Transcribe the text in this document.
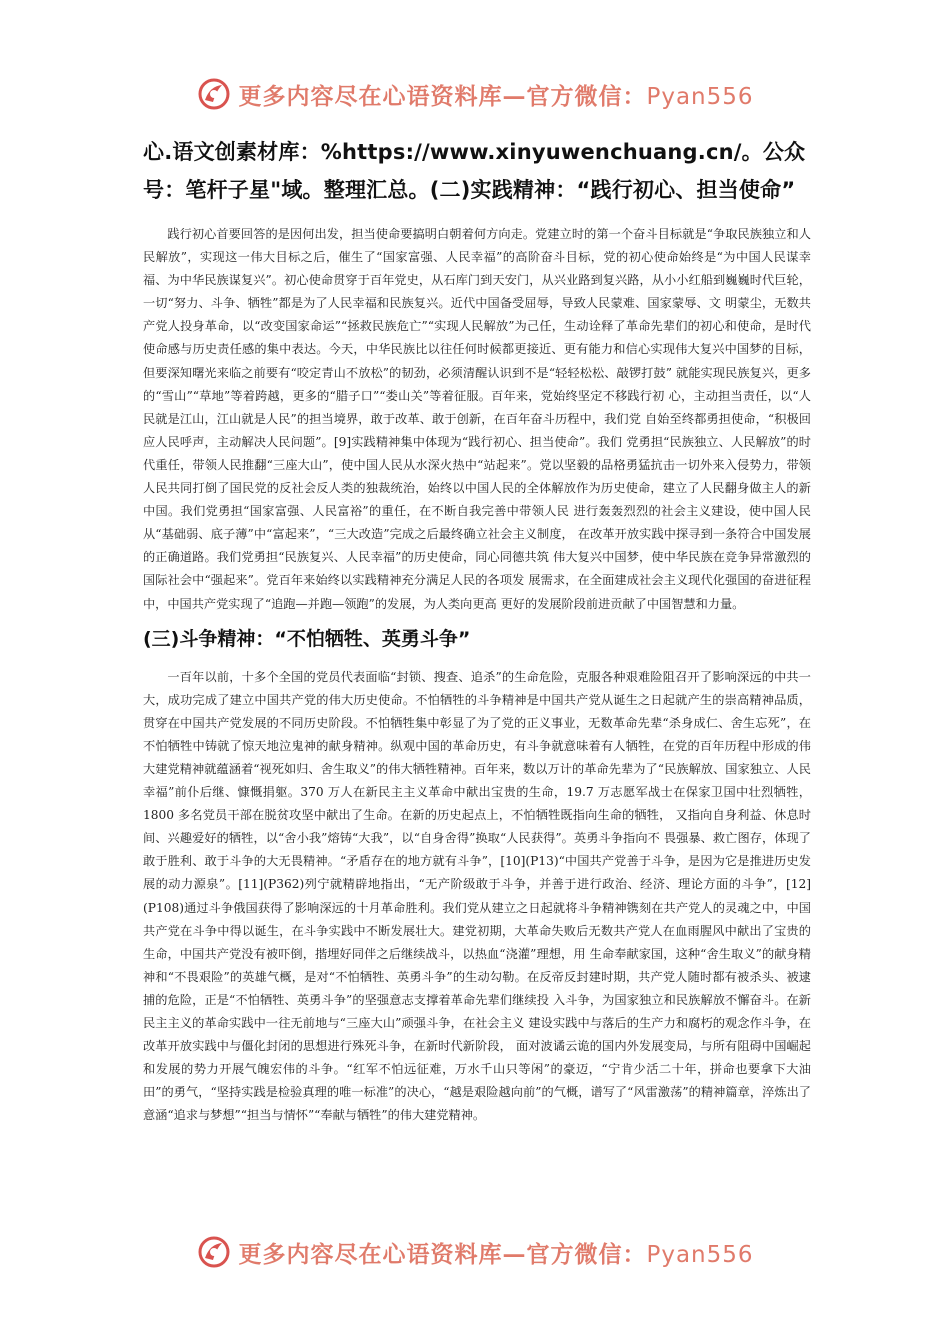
更多内容尽在心语资料库—官方微信：Pyan556
心.语文创素材库：%https://www.xinyuwenchuang.cn/。公众号：笔杆子星"域。整理汇总。(二)实践精神：“践行初心、担当使命”

践行初心首要回答的是因何出发，担当使命要搞明白朝着何方向走。党建立时的第一个奋斗目标就是“争取民族独立和人民解放”，实现这一伟大目标之后，催生了“国家富强、人民幸福”的高阶奋斗目标，党的初心使命始终是“为中国人民谋幸福、为中华民族谋复兴”。初心使命贯穿于百年党史，从石库门到天安门，从兴业路到复兴路，从小小红船到巍巍时代巨轮，一切“努力、斗争、牺牲”都是为了人民幸福和民族复兴。近代中国备受屈辱，导致人民蒙难、国家蒙辱、文 明蒙尘，无数共产党人投身革命，以“改变国家命运”“拯救民族危亡”“实现人民解放”为己任，生动诠释了革命先辈们的初心和使命，是时代使命感与历史责任感的集中表达。今天，中华民族比以往任何时候都更接近、更有能力和信心实现伟大复兴中国梦的目标，但要深知曙光来临之前要有“咬定青山不放松”的韧劲，必须清醒认识到不是“轻轻松松、敲锣打鼓” 就能实现民族复兴，更多的“雪山”“草地”等着跨越，更多的“腊子口”“娄山关”等着征服。百年来，党始终坚定不移践行初 心，主动担当责任，以“人民就是江山，江山就是人民”的担当境界，敢于改革、敢于创新，在百年奋斗历程中，我们党 自始至终都勇担使命，“积极回应人民呼声，主动解决人民问题”。[9]实践精神集中体现为“践行初心、担当使命”。我们 党勇担“民族独立、人民解放”的时代重任，带领人民推翻“三座大山”，使中国人民从水深火热中“站起来”。党以坚毅的品格勇猛抗击一切外来入侵势力，带领人民共同打倒了国民党的反社会反人类的独裁统治，始终以中国人民的全体解放作为历史使命，建立了人民翻身做主人的新中国。我们党勇担“国家富强、人民富裕”的重任，在不断自我完善中带领人民 进行轰轰烈烈的社会主义建设，使中国人民从“基础弱、底子薄”中“富起来”，“三大改造”完成之后最终确立社会主义制度， 在改革开放实践中探寻到一条符合中国发展的正确道路。我们党勇担“民族复兴、人民幸福”的历史使命，同心同德共筑 伟大复兴中国梦，使中华民族在竞争异常激烈的国际社会中“强起来”。党百年来始终以实践精神充分满足人民的各项发 展需求，在全面建成社会主义现代化强国的奋进征程中，中国共产党实现了“追跑—并跑—领跑”的发展，为人类向更高 更好的发展阶段前进贡献了中国智慧和力量。

(三)斗争精神：“不怕牺牲、英勇斗争”

一百年以前，十多个全国的党员代表面临“封锁、搜查、追杀”的生命危险，克服各种艰难险阻召开了影响深远的中共一大，成功完成了建立中国共产党的伟大历史使命。不怕牺牲的斗争精神是中国共产党从诞生之日起就产生的崇高精神品质，贯穿在中国共产党发展的不同历史阶段。不怕牺牲集中彰显了为了党的正义事业，无数革命先辈“杀身成仁、舍生忘死”，在不怕牺牲中铸就了惊天地泣鬼神的献身精神。纵观中国的革命历史，有斗争就意味着有人牺牲，在党的百年历程中形成的伟大建党精神就蕴涵着“视死如归、舍生取义”的伟大牺牲精神。百年来，数以万计的革命先辈为了“民族解放、国家独立、人民幸福”前仆后继、慷慨捐躯。370 万人在新民主主义革命中献出宝贵的生命，19.7 万志愿军战士在保家卫国中壮烈牺牲，1800 多名党员干部在脱贫攻坚中献出了生命。在新的历史起点上，不怕牺牲既指向生命的牺牲， 又指向自身利益、休息时间、兴趣爱好的牺牲，以“舍小我”熔铸“大我”，以“自身舍得”换取“人民获得”。英勇斗争指向不 畏强暴、救亡图存，体现了敢于胜利、敢于斗争的大无畏精神。“矛盾存在的地方就有斗争”，[10](P13)“中国共产党善于斗争，是因为它是推进历史发展的动力源泉”。[11](P362)列宁就精辟地指出，“无产阶级敢于斗争，并善于进行政治、经济、理论方面的斗争”，[12](P108)通过斗争俄国获得了影响深远的十月革命胜利。我们党从建立之日起就将斗争精神镌刻在共产党人的灵魂之中，中国共产党在斗争中得以诞生，在斗争实践中不断发展壮大。建党初期，大革命失败后无数共产党人在血雨腥风中献出了宝贵的生命，中国共产党没有被吓倒，揩埋好同伴之后继续战斗，以热血“浇灌”理想，用 生命奉献家国，这种“舍生取义”的献身精神和“不畏艰险”的英雄气概，是对“不怕牺牲、英勇斗争”的生动勾勒。在反帝反封建时期，共产党人随时都有被杀头、被逮捕的危险，正是“不怕牺牲、英勇斗争”的坚强意志支撑着革命先辈们继续投 入斗争，为国家独立和民族解放不懈奋斗。在新民主主义的革命实践中一往无前地与“三座大山”顽强斗争，在社会主义 建设实践中与落后的生产力和腐朽的观念作斗争，在改革开放实践中与僵化封闭的思想进行殊死斗争，在新时代新阶段， 面对波谲云诡的国内外发展变局，与所有阻碍中国崛起和发展的势力开展气魄宏伟的斗争。“红军不怕远征难，万水千山只等闲”的豪迈，“宁肯少活二十年，拼命也要拿下大油田”的勇气，“坚持实践是检验真理的唯一标准”的决心，“越是艰险越向前”的气概，谱写了“风雷激荡”的精神篇章，淬炼出了意涵“追求与梦想”“担当与情怀”“奉献与牺牲”的伟大建党精神。

更多内容尽在心语资料库—官方微信：Pyan556
